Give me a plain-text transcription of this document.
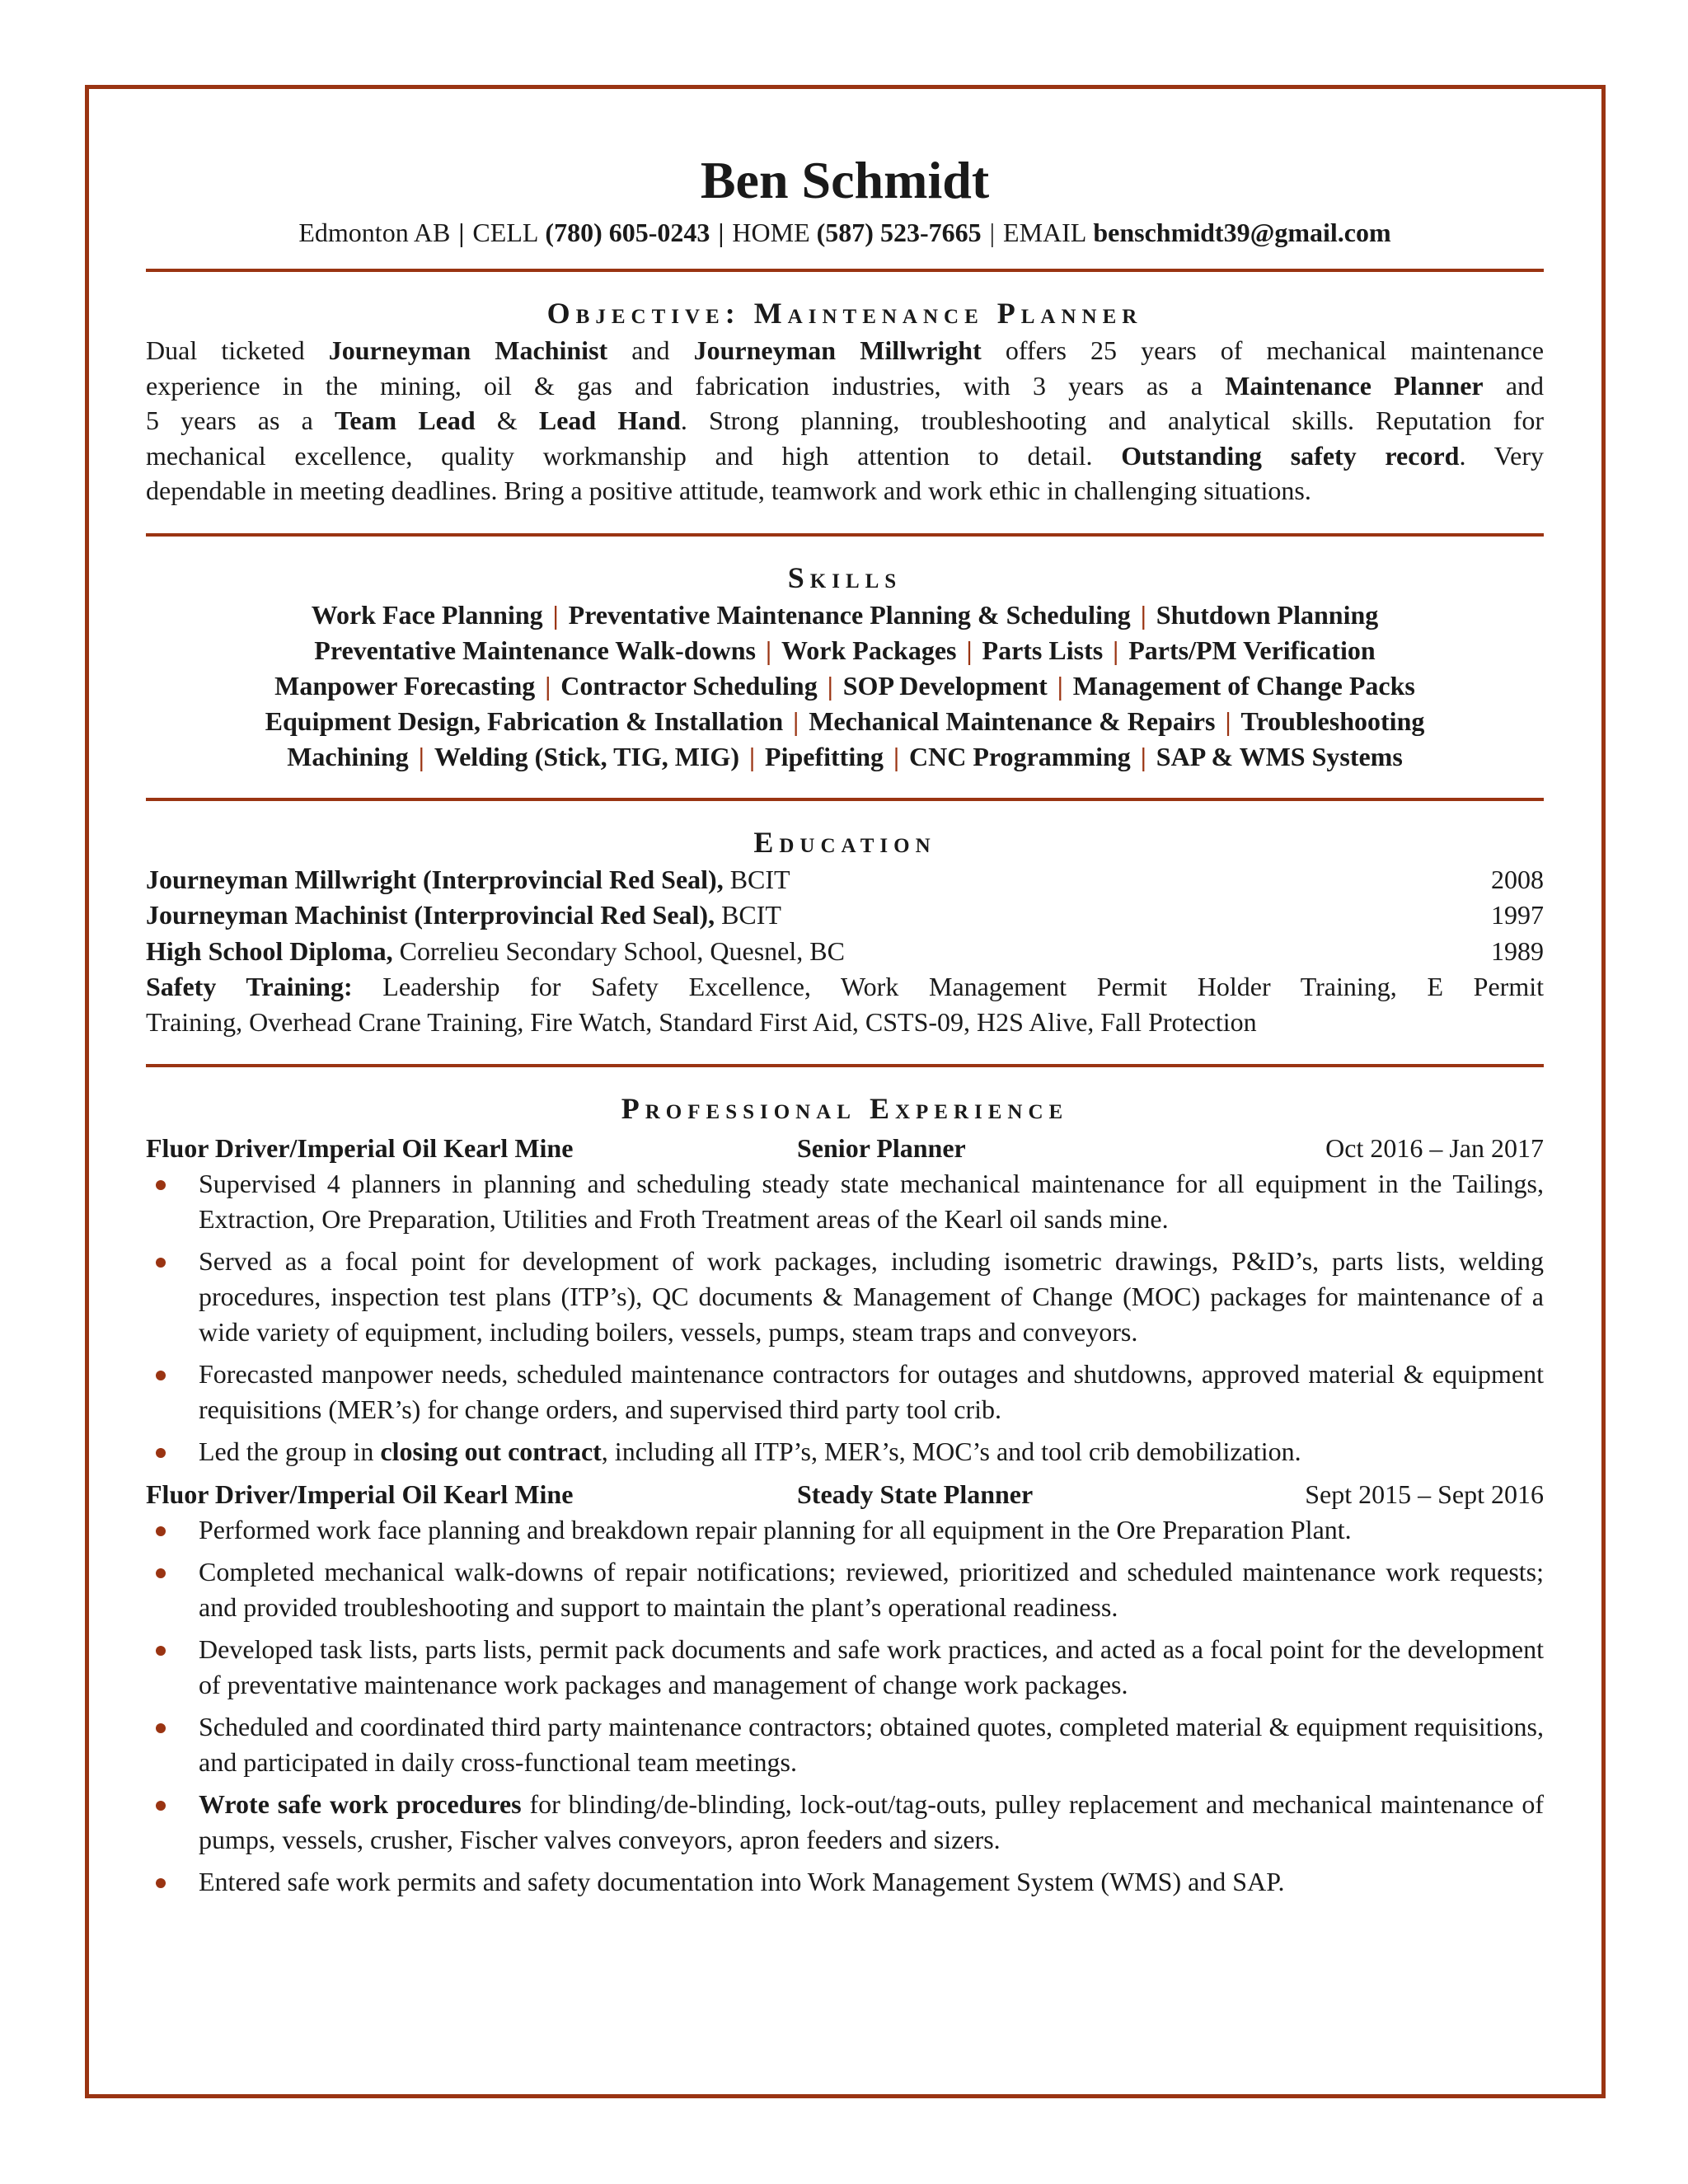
Ben Schmidt
Edmonton AB | CELL (780) 605-0243 | HOME (587) 523-7665 | EMAIL benschmidt39@gmail.com
Objective: Maintenance Planner

Dual ticketed Journeyman Machinist and Journeyman Millwright offers 25 years of mechanical maintenance

experience in the mining, oil & gas and fabrication industries, with 3 years as a Maintenance Planner and

5 years as a Team Lead & Lead Hand. Strong planning, troubleshooting and analytical skills. Reputation for

mechanical excellence, quality workmanship and high attention to detail. Outstanding safety record. Very

dependable in meeting deadlines. Bring a positive attitude, teamwork and work ethic in challenging situations.

Skills
Work Face Planning | Preventative Maintenance Planning & Scheduling | Shutdown Planning
Preventative Maintenance Walk-downs | Work Packages | Parts Lists | Parts/PM Verification
Manpower Forecasting | Contractor Scheduling | SOP Development | Management of Change Packs
Equipment Design, Fabrication & Installation | Mechanical Maintenance & Repairs | Troubleshooting
Machining | Welding (Stick, TIG, MIG) | Pipefitting | CNC Programming | SAP & WMS Systems
Education
Journeyman Millwright (Interprovincial Red Seal), BCIT	2008
Journeyman Machinist (Interprovincial Red Seal), BCIT	1997
High School Diploma, Correlieu Secondary School, Quesnel, BC	1989

Safety Training: Leadership for Safety Excellence, Work Management Permit Holder Training, E Permit

Training, Overhead Crane Training, Fire Watch, Standard First Aid, CSTS-09, H2S Alive, Fall Protection

Professional Experience
Fluor Driver/Imperial Oil Kearl Mine	Senior Planner	Oct 2016 – Jan 2017
Supervised 4 planners in planning and scheduling steady state mechanical maintenance for all equipment in the Tailings, Extraction, Ore Preparation, Utilities and Froth Treatment areas of the Kearl oil sands mine.
Served as a focal point for development of work packages, including isometric drawings, P&ID’s, parts lists, welding procedures, inspection test plans (ITP’s), QC documents & Management of Change (MOC) packages for maintenance of a wide variety of equipment, including boilers, vessels, pumps, steam traps and conveyors.
Forecasted manpower needs, scheduled maintenance contractors for outages and shutdowns, approved material & equipment requisitions (MER’s) for change orders, and supervised third party tool crib.
Led the group in closing out contract, including all ITP’s, MER’s, MOC’s and tool crib demobilization.
Fluor Driver/Imperial Oil Kearl Mine	Steady State Planner	Sept 2015 – Sept 2016
Performed work face planning and breakdown repair planning for all equipment in the Ore Preparation Plant.
Completed mechanical walk-downs of repair notifications; reviewed, prioritized and scheduled maintenance work requests; and provided troubleshooting and support to maintain the plant’s operational readiness.
Developed task lists, parts lists, permit pack documents and safe work practices, and acted as a focal point for the development of preventative maintenance work packages and management of change work packages.
Scheduled and coordinated third party maintenance contractors; obtained quotes, completed material & equipment requisitions, and participated in daily cross-functional team meetings.
Wrote safe work procedures for blinding/de-blinding, lock-out/tag-outs, pulley replacement and mechanical maintenance of pumps, vessels, crusher, Fischer valves conveyors, apron feeders and sizers.
Entered safe work permits and safety documentation into Work Management System (WMS) and SAP.
